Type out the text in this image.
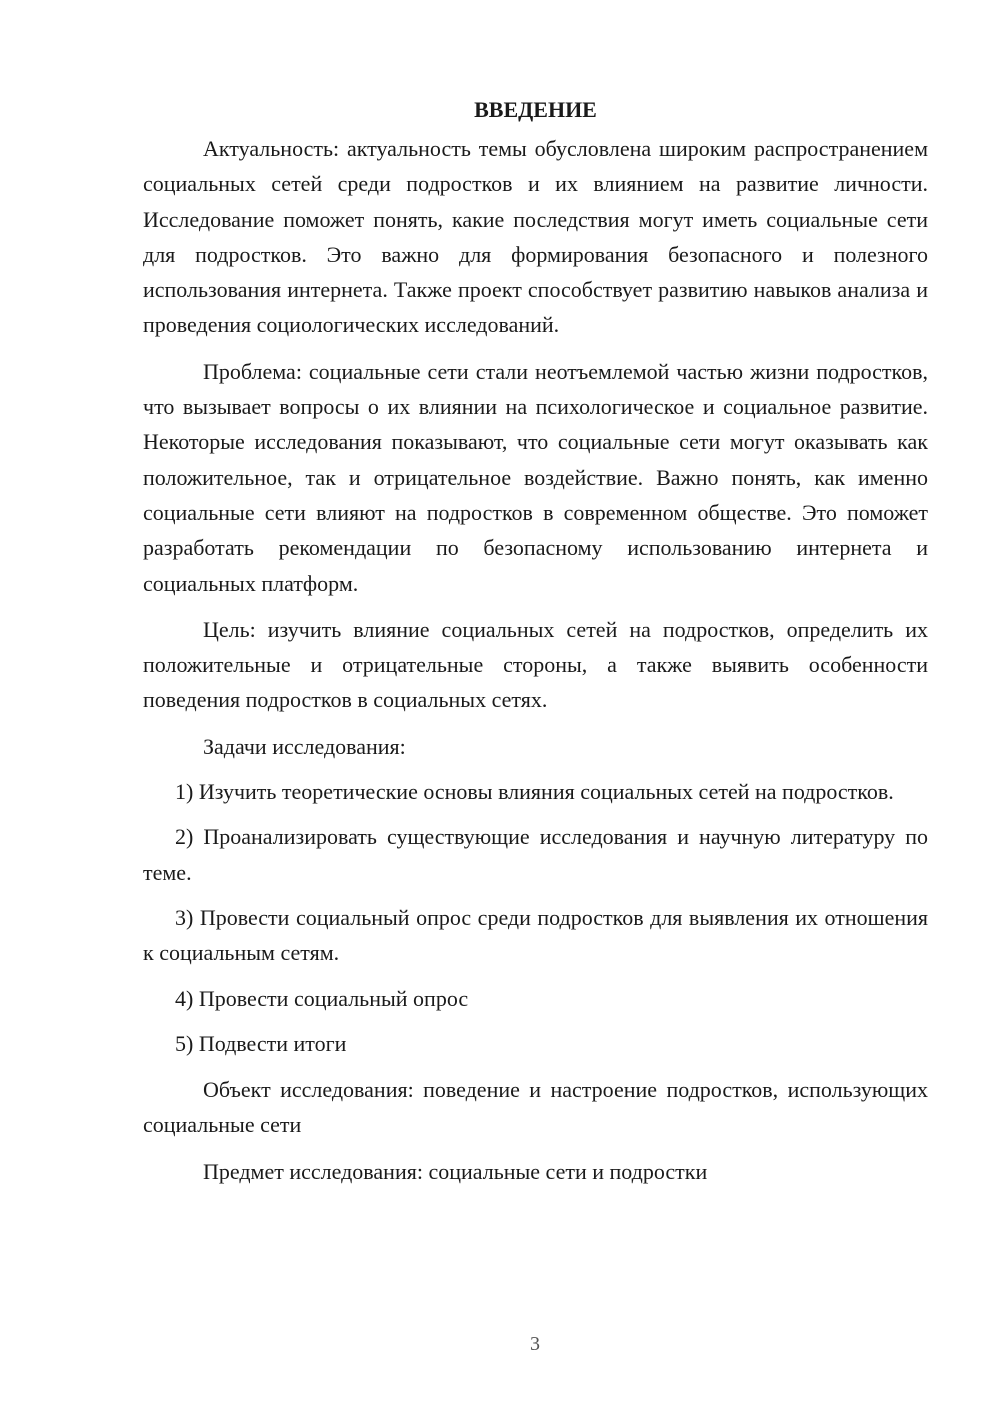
ВВЕДЕНИЕ

Актуальность: актуальность темы обусловлена широким распространением социальных сетей среди подростков и их влиянием на развитие личности. Исследование поможет понять, какие последствия могут иметь социальные сети для подростков. Это важно для формирования безопасного и полезного использования интернета. Также проект способствует развитию навыков анализа и проведения социологических исследований.

Проблема: социальные сети стали неотъемлемой частью жизни подростков, что вызывает вопросы о их влиянии на психологическое и социальное развитие. Некоторые исследования показывают, что социальные сети могут оказывать как положительное, так и отрицательное воздействие. Важно понять, как именно социальные сети влияют на подростков в современном обществе. Это поможет разработать рекомендации по безопасному использованию интернета и социальных платформ.

Цель: изучить влияние социальных сетей на подростков, определить их положительные и отрицательные стороны, а также выявить особенности поведения подростков в социальных сетях.

Задачи исследования:

1) Изучить теоретические основы влияния социальных сетей на подростков.

2) Проанализировать существующие исследования и научную литературу по теме.

3) Провести социальный опрос среди подростков для выявления их отношения к социальным сетям.

4) Провести социальный опрос

5) Подвести итоги

Объект исследования: поведение и настроение подростков, использующих социальные сети

Предмет исследования: социальные сети и подростки

3
